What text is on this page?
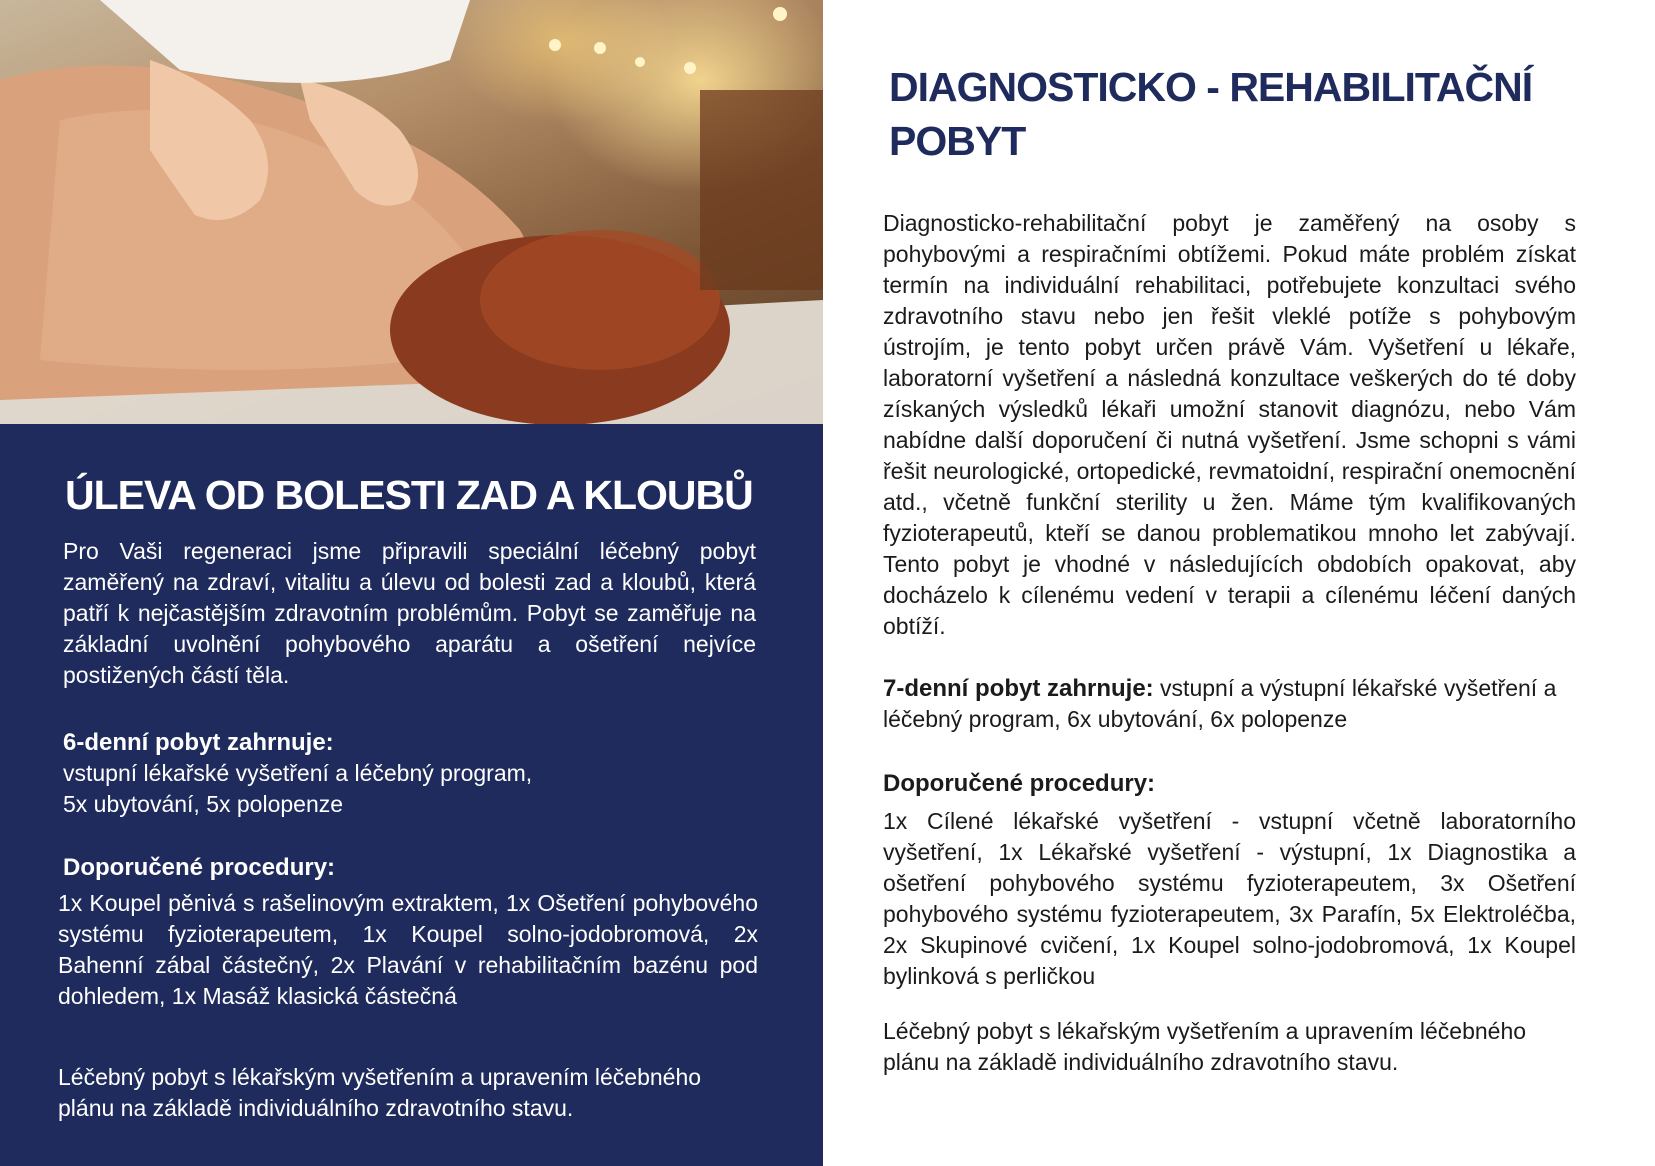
ÚLEVA OD BOLESTI ZAD A KLOUBŮ

Pro Vaši regeneraci jsme připravili speciální léčebný pobyt zaměřený na zdraví, vitalitu a úlevu od bolesti zad a kloubů, která patří k nejčastějším zdravotním problémům. Pobyt se zaměřuje na základní uvolnění pohybového aparátu a ošetření nejvíce postižených částí těla.

6-denní pobyt zahrnuje:

vstupní lékařské vyšetření a léčebný program,

5x ubytování, 5x polopenze

Doporučené procedury:

1x Koupel pěnivá s rašelinovým extraktem, 1x Ošetření pohybového systému fyzioterapeutem, 1x Koupel solno-jodobromová, 2x Bahenní zábal částečný, 2x Plavání v rehabilitačním bazénu pod dohledem, 1x Masáž klasická částečná

Léčebný pobyt s lékařským vyšetřením a upravením léčebného plánu na základě individuálního zdravotního stavu.

DIAGNOSTICKO - REHABILITAČNÍ
POBYT

Diagnosticko-rehabilitační pobyt je zaměřený na osoby s pohybovými a respiračními obtížemi. Pokud máte problém získat termín na individuální rehabilitaci, potřebujete konzultaci svého zdravotního stavu nebo jen řešit vleklé potíže s pohybovým ústrojím, je tento pobyt určen právě Vám. Vyšetření u lékaře, laboratorní vyšetření a následná konzultace veškerých do té doby získaných výsledků lékaři umožní stanovit diagnózu, nebo Vám nabídne další doporučení či nutná vyšetření. Jsme schopni s vámi řešit neurologické, ortopedické, revmatoidní, respirační onemocnění atd., včetně funkční sterility u žen. Máme tým kvalifikovaných fyzioterapeutů, kteří se danou problematikou mnoho let zabývají. Tento pobyt je vhodné v následujících obdobích opakovat, aby docházelo k cílenému vedení v terapii a cílenému léčení daných obtíží.

7-denní pobyt zahrnuje: vstupní a výstupní lékařské vyšetření a léčebný program, 6x ubytování, 6x polopenze

Doporučené procedury:

1x Cílené lékařské vyšetření - vstupní včetně laboratorního vyšetření, 1x Lékařské vyšetření - výstupní, 1x Diagnostika a ošetření pohybového systému fyzioterapeutem, 3x Ošetření pohybového systému fyzioterapeutem, 3x Parafín, 5x Elektroléčba, 2x Skupinové cvičení, 1x Koupel solno-jodobromová, 1x Koupel bylinková s perličkou

Léčebný pobyt s lékařským vyšetřením a upravením léčebného plánu na základě individuálního zdravotního stavu.
